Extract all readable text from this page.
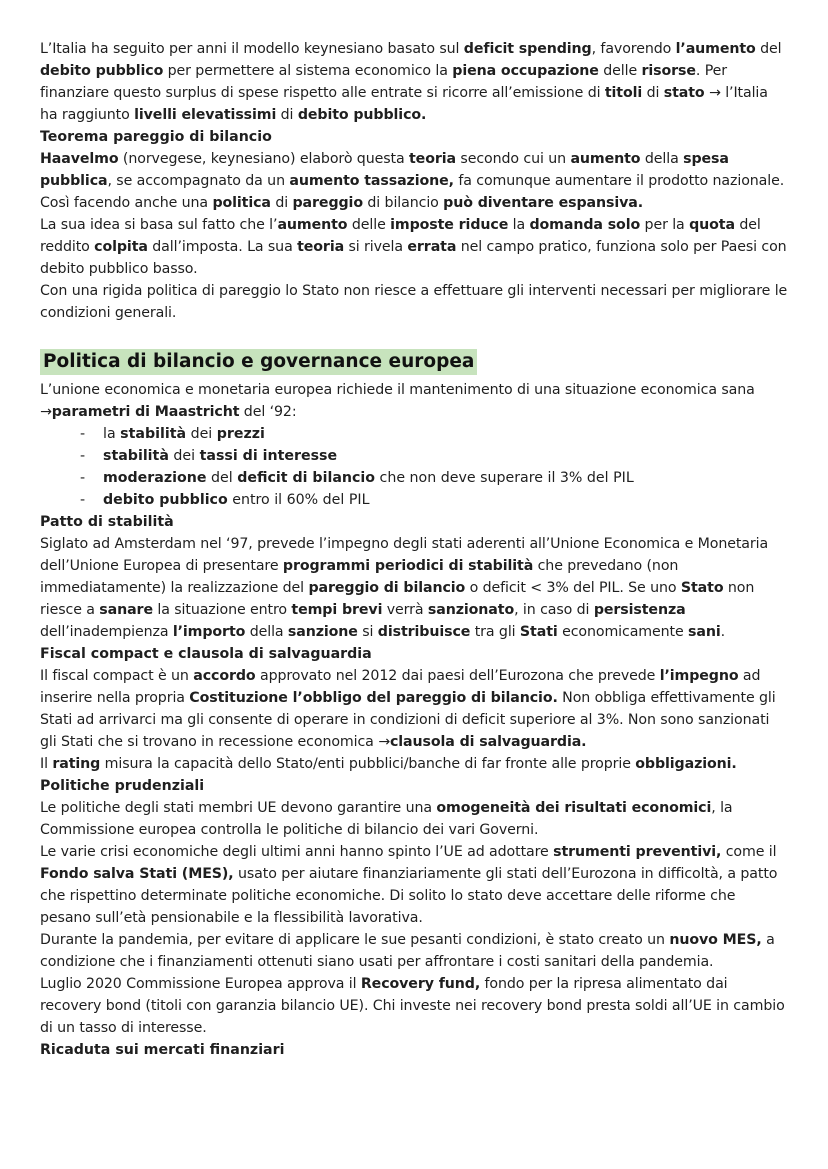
L’Italia ha seguito per anni il modello keynesiano basato sul deficit spending, favorendo l’aumento del debito pubblico per permettere al sistema economico la piena occupazione delle risorse. Per finanziare questo surplus di spese rispetto alle entrate si ricorre all’emissione di titoli di stato → l’Italia ha raggiunto livelli elevatissimi di debito pubblico.

Teorema pareggio di bilancio

Haavelmo (norvegese, keynesiano) elaborò questa teoria secondo cui un aumento della spesa pubblica, se accompagnato da un aumento tassazione, fa comunque aumentare il prodotto nazionale. Così facendo anche una politica di pareggio di bilancio può diventare espansiva.

La sua idea si basa sul fatto che l’aumento delle imposte riduce la domanda solo per la quota del reddito colpita dall’imposta. La sua teoria si rivela errata nel campo pratico, funziona solo per Paesi con debito pubblico basso.

Con una rigida politica di pareggio lo Stato non riesce a effettuare gli interventi necessari per migliorare le condizioni generali.

Politica di bilancio e governance europea

L’unione economica e monetaria europea richiede il mantenimento di una situazione economica sana →parametri di Maastricht del ‘92:

- la stabilità dei prezzi
- stabilità dei tassi di interesse
- moderazione del deficit di bilancio che non deve superare il 3% del PIL
- debito pubblico entro il 60% del PIL

Patto di stabilità

Siglato ad Amsterdam nel ‘97, prevede l’impegno degli stati aderenti all’Unione Economica e Monetaria dell’Unione Europea di presentare programmi periodici di stabilità che prevedano (non immediatamente) la realizzazione del pareggio di bilancio o deficit < 3% del PIL. Se uno Stato non riesce a sanare la situazione entro tempi brevi verrà sanzionato, in caso di persistenza dell’inadempienza l’importo della sanzione si distribuisce tra gli Stati economicamente sani.

Fiscal compact e clausola di salvaguardia

Il fiscal compact è un accordo approvato nel 2012 dai paesi dell’Eurozona che prevede l’impegno ad inserire nella propria Costituzione l’obbligo del pareggio di bilancio. Non obbliga effettivamente gli Stati ad arrivarci ma gli consente di operare in condizioni di deficit superiore al 3%. Non sono sanzionati gli Stati che si trovano in recessione economica →clausola di salvaguardia.

Il rating misura la capacità dello Stato/enti pubblici/banche di far fronte alle proprie obbligazioni.

Politiche prudenziali

Le politiche degli stati membri UE devono garantire una omogeneità dei risultati economici, la Commissione europea controlla le politiche di bilancio dei vari Governi.

Le varie crisi economiche degli ultimi anni hanno spinto l’UE ad adottare strumenti preventivi, come il Fondo salva Stati (MES), usato per aiutare finanziariamente gli stati dell’Eurozona in difficoltà, a patto che rispettino determinate politiche economiche. Di solito lo stato deve accettare delle riforme che pesano sull’età pensionabile e la flessibilità lavorativa.

Durante la pandemia, per evitare di applicare le sue pesanti condizioni, è stato creato un nuovo MES, a condizione che i finanziamenti ottenuti siano usati per affrontare i costi sanitari della pandemia.

Luglio 2020 Commissione Europea approva il Recovery fund, fondo per la ripresa alimentato dai recovery bond (titoli con garanzia bilancio UE). Chi investe nei recovery bond presta soldi all’UE in cambio di un tasso di interesse.

Ricaduta sui mercati finanziari
